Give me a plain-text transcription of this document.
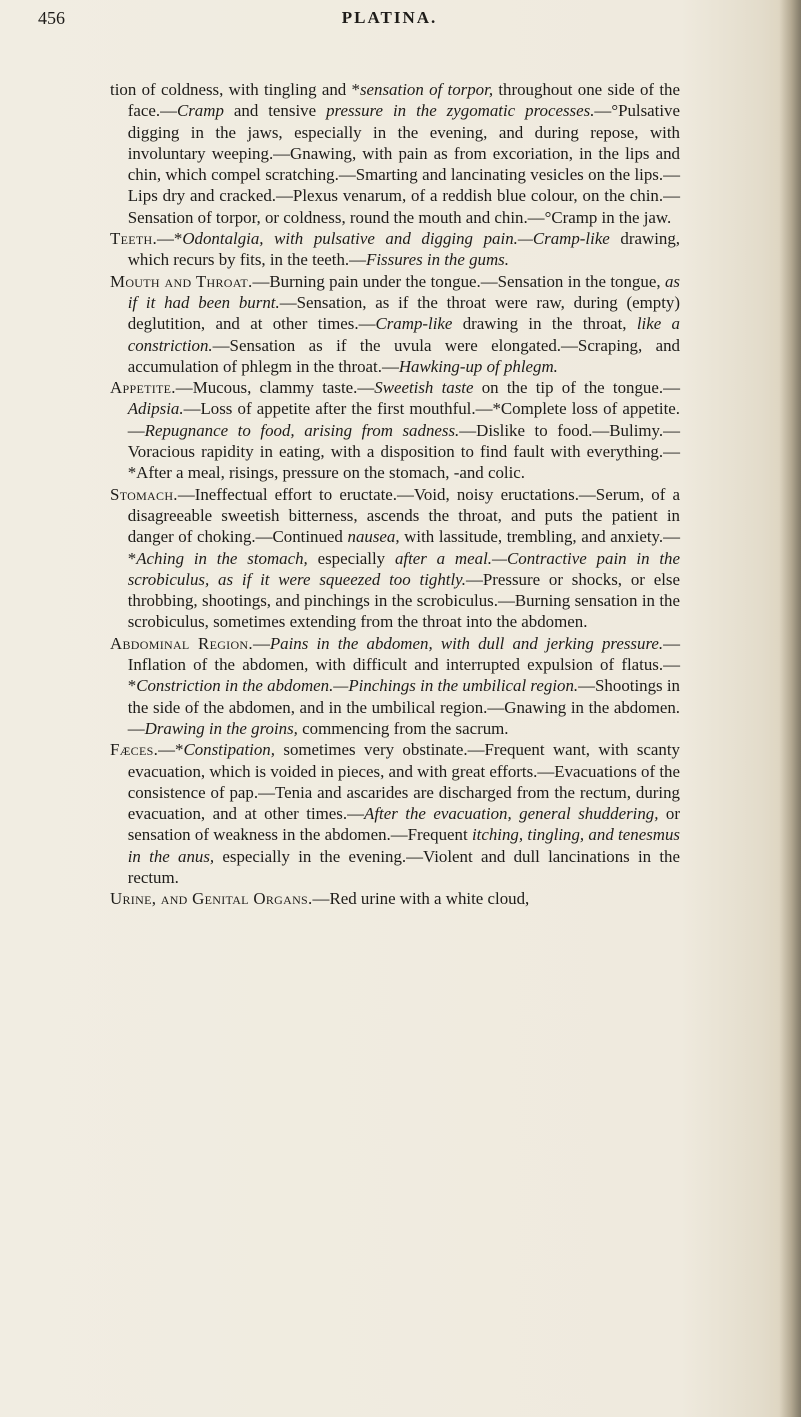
456	PLATINA.

tion of coldness, with tingling and *sensation of torpor, throughout one side of the face.—Cramp and tensive pressure in the zygomatic processes.—°Pulsative digging in the jaws, especially in the evening, and during repose, with involuntary weeping.—Gnawing, with pain as from excoriation, in the lips and chin, which compel scratching.—Smarting and lancinating vesicles on the lips.—Lips dry and cracked.—Plexus venarum, of a reddish blue colour, on the chin.—Sensation of torpor, or coldness, round the mouth and chin.—°Cramp in the jaw.

Teeth.—*Odontalgia, with pulsative and digging pain.—Cramp-like drawing, which recurs by fits, in the teeth.—Fissures in the gums.

Mouth and Throat.—Burning pain under the tongue.—Sensation in the tongue, as if it had been burnt.—Sensation, as if the throat were raw, during (empty) deglutition, and at other times.—Cramp-like drawing in the throat, like a constriction.—Sensation as if the uvula were elongated.—Scraping, and accumulation of phlegm in the throat.—Hawking-up of phlegm.

Appetite.—Mucous, clammy taste.—Sweetish taste on the tip of the tongue.—Adipsia.—Loss of appetite after the first mouthful.—*Complete loss of appetite.—Repugnance to food, arising from sadness.—Dislike to food.—Bulimy.—Voracious rapidity in eating, with a disposition to find fault with everything.—*After a meal, risings, pressure on the stomach, -and colic.

Stomach.—Ineffectual effort to eructate.—Void, noisy eructations.—Serum, of a disagreeable sweetish bitterness, ascends the throat, and puts the patient in danger of choking.—Continued nausea, with lassitude, trembling, and anxiety.—*Aching in the stomach, especially after a meal.—Contractive pain in the scrobiculus, as if it were squeezed too tightly.—Pressure or shocks, or else throbbing, shootings, and pinchings in the scrobiculus.—Burning sensation in the scrobiculus, sometimes extending from the throat into the abdomen.

Abdominal Region.—Pains in the abdomen, with dull and jerking pressure.—Inflation of the abdomen, with difficult and interrupted expulsion of flatus.—*Constriction in the abdomen.—Pinchings in the umbilical region.—Shootings in the side of the abdomen, and in the umbilical region.—Gnawing in the abdomen.—Drawing in the groins, commencing from the sacrum.

Fæces.—*Constipation, sometimes very obstinate.—Frequent want, with scanty evacuation, which is voided in pieces, and with great efforts.—Evacuations of the consistence of pap.—Tenia and ascarides are discharged from the rectum, during evacuation, and at other times.—After the evacuation, general shuddering, or sensation of weakness in the abdomen.—Frequent itching, tingling, and tenesmus in the anus, especially in the evening.—Violent and dull lancinations in the rectum.

Urine, and Genital Organs.—Red urine with a white cloud,
